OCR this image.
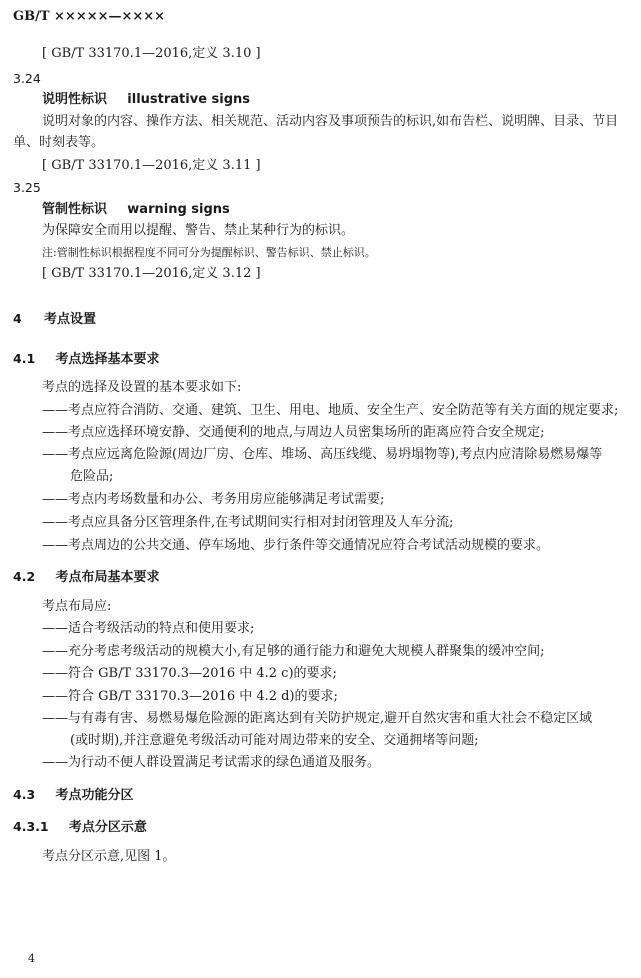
GB/T ×××××—××××
[ GB/T 33170.1—2016,定义 3.10 ]
3.24
说明性标识 illustrative signs
说明对象的内容、操作方法、相关规范、活动内容及事项预告的标识,如布告栏、说明牌、目录、节目
单、时刻表等。
[ GB/T 33170.1—2016,定义 3.11 ]
3.25
管制性标识 warning signs
为保障安全而用以提醒、警告、禁止某种行为的标识。
注:管制性标识根据程度不同可分为提醒标识、警告标识、禁止标识。
[ GB/T 33170.1—2016,定义 3.12 ]
4 考点设置
4.1 考点选择基本要求
考点的选择及设置的基本要求如下:
——考点应符合消防、交通、建筑、卫生、用电、地质、安全生产、安全防范等有关方面的规定要求;
——考点应选择环境安静、交通便利的地点,与周边人员密集场所的距离应符合安全规定;
——考点应远离危险源(周边厂房、仓库、堆场、高压线缆、易坍塌物等),考点内应清除易燃易爆等
危险品;
——考点内考场数量和办公、考务用房应能够满足考试需要;
——考点应具备分区管理条件,在考试期间实行相对封闭管理及人车分流;
——考点周边的公共交通、停车场地、步行条件等交通情况应符合考试活动规模的要求。
4.2 考点布局基本要求
考点布局应:
——适合考级活动的特点和使用要求;
——充分考虑考级活动的规模大小,有足够的通行能力和避免大规模人群聚集的缓冲空间;
——符合 GB/T 33170.3—2016 中 4.2 c)的要求;
——符合 GB/T 33170.3—2016 中 4.2 d)的要求;
——与有毒有害、易燃易爆危险源的距离达到有关防护规定,避开自然灾害和重大社会不稳定区域
(或时期),并注意避免考级活动可能对周边带来的安全、交通拥堵等问题;
——为行动不便人群设置满足考试需求的绿色通道及服务。
4.3 考点功能分区
4.3.1 考点分区示意
考点分区示意,见图 1。
4
